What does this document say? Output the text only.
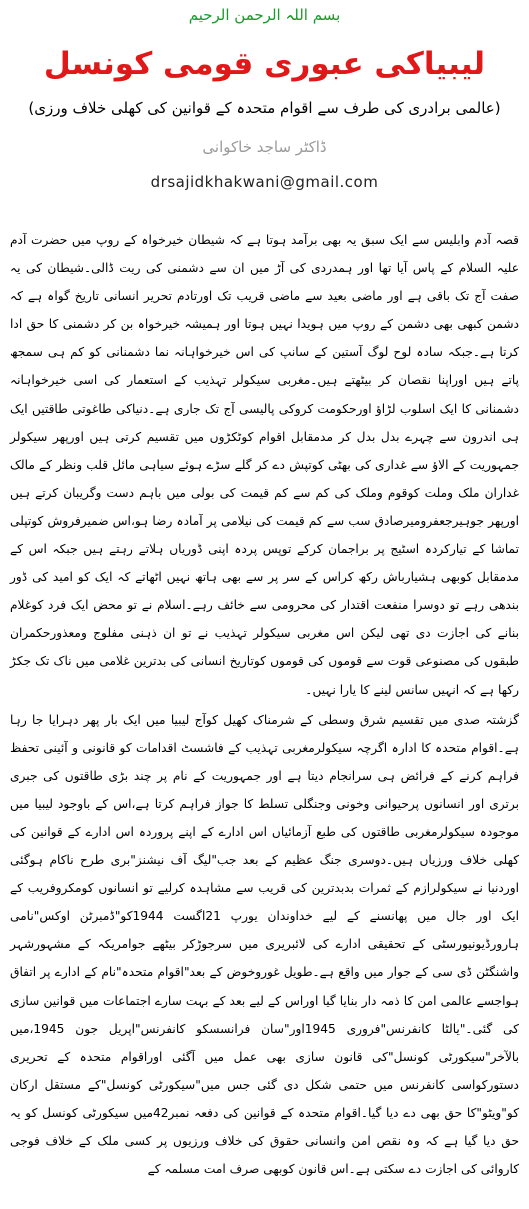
بسم اللہ الرحمن الرحیم
لیبیاکی عبوری قومی کونسل
(عالمی برادری کی طرف سے اقوام متحدہ کے قوانین کی کھلی خلاف ورزی)
ڈاکٹر ساجد خاکوانی
drsajidkhakwani@gmail.com

قصہ آدم وابلیس سے ایک سبق یہ بھی برآمد ہوتا ہے کہ شیطان خیرخواہ کے روپ میں حضرت آدم علیہ السلام کے پاس آیا تھا اور ہمدردی کی آڑ میں ان سے دشمنی کی ریت ڈالی۔شیطان کی یہ صفت آج تک باقی ہے اور ماضی بعید سے ماضی قریب تک اورتادم تحریر انسانی تاریخ گواہ ہے کہ دشمن کبھی بھی دشمن کے روپ میں ہویدا نہیں ہوتا اور ہمیشہ خیرخواہ بن کر دشمنی کا حق ادا کرتا ہے۔جبکہ سادہ لوح لوگ آستین کے سانپ کی اس خیرخواہانہ نما دشمنانی کو کم ہی سمجھ پاتے ہیں اوراپنا نقصان کر بیٹھتے ہیں۔مغربی سیکولر تہذیب کے استعمار کی اسی خیرخواہانہ دشمنانی کا ایک اسلوب لڑاؤ اورحکومت کروکی پالیسی آج تک جاری ہے۔دنیاکی طاغوتی طاقتیں ایک ہی اندرون سے چہرے بدل بدل کر مدمقابل اقوام کوٹکڑوں میں تقسیم کرتی ہیں اورپھر سیکولر جمہوریت کے الاؤ سے غداری کی بھٹی کوتپش دے کر گلے سڑے ہوئے سیاہی مائل قلب ونظر کے مالک غداران ملک وملت کوقوم وملک کی کم سے کم قیمت کی بولی میں باہم دست وگریبان کرتے ہیں اورپھر جوہیرجعفرومیرصادق سب سے کم قیمت کی نیلامی پر آمادہ رضا ہو،اس ضمیرفروش کوتپلی تماشا کے تیارکردہ اسٹیج پر براجمان کرکے توپس پردہ اپنی ڈوریاں ہلاتے رہتے ہیں جبکہ اس کے مدمقابل کوبھی ہشیارباش رکھ کراس کے سر پر سے بھی ہاتھ نہیں اٹھاتے کہ ایک کو امید کی ڈور بندھی رہے تو دوسرا منفعت اقتدار کی محرومی سے خائف رہے۔اسلام نے تو محض ایک فرد کوغلام بنانے کی اجازت دی تھی لیکن اس مغربی سیکولر تہذیب نے تو ان ذہنی مفلوج ومعذورحکمران طبقوں کی مصنوعی قوت سے قوموں کی قوموں کوتاریخ انسانی کی بدترین غلامی میں ناک تک جکڑ رکھا ہے کہ انہیں سانس لینے کا یارا نہیں۔

گزشتہ صدی میں تقسیم شرق وسطی کے شرمناک کھیل کوآج لیبیا میں ایک بار پھر دہرایا جا رہا ہے۔اقوام متحدہ کا ادارہ اگرچہ سیکولرمغربی تہذیب کے فاشسٹ اقدامات کو قانونی و آئینی تحفظ فراہم کرنے کے فرائض ہی سرانجام دیتا ہے اور جمہوریت کے نام پر چند بڑی طاقتوں کی جبری برتری اور انسانوں پرحیوانی وخونی وجنگلی تسلط کا جواز فراہم کرتا ہے،اس کے باوجود لیبیا میں موجودہ سیکولرمغربی طاقتوں کی طبع آزمائیاں اس ادارے کے اپنے پروردہ اس ادارے کے قوانین کی کھلی خلاف ورزیاں ہیں۔دوسری جنگ عظیم کے بعد جب"لیگ آف نیشنز"بری طرح ناکام ہوگئی اوردنیا نے سیکولرازم کے ثمرات بدبدترین کی قریب سے مشاہدہ کرلیے تو انسانوں کومکروفریب کے ایک اور جال میں پھانسنے کے لیے خداوندان یورپ 21اگست 1944کو"ڈمبرٹن اوکس"نامی ہارورڈیونیورسٹی کے تحقیقی ادارے کی لائبریری میں سرجوڑکر بیٹھے جوامریکہ کے مشہورشہر واشنگٹن ڈی سی کے جوار میں واقع ہے۔طویل غوروخوض کے بعد"اقوام متحدہ"نام کے ادارے پر اتفاق ہواجسے عالمی امن کا ذمہ دار بنایا گیا اوراس کے لیے بعد کے بہت سارے اجتماعات میں قوانین سازی کی گئی۔"یالٹا کانفرنس"فروری 1945اور"سان فرانسسکو کانفرنس"اپریل جون 1945،میں بالآخر"سیکورٹی کونسل"کی قانون سازی بھی عمل میں آگئی اوراقوام متحدہ کے تحریری دستورکواسی کانفرنس میں حتمی شکل دی گئی جس میں"سیکورٹی کونسل"کے مستقل ارکان کو"ویٹو"کا حق بھی دے دیا گیا۔اقوام متحدہ کے قوانین کی دفعہ نمبر42میں سیکورٹی کونسل کو یہ حق دیا گیا ہے کہ وہ نقص امن وانسانی حقوق کی خلاف ورزیوں پر کسی ملک کے خلاف فوجی کاروائی کی اجازت دے سکتی ہے۔اس قانون کوبھی صرف امت مسلمہ کے
